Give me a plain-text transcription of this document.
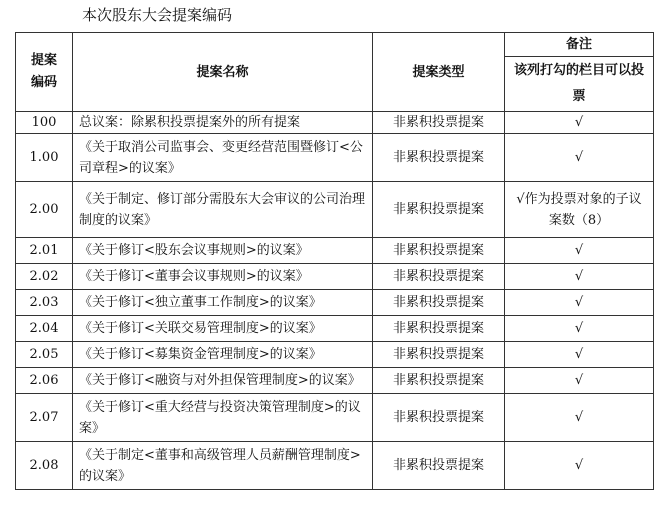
本次股东大会提案编码
提案
编码	提案名称	提案类型	备注
			该列打勾的栏目可以投票
100	总议案：除累积投票提案外的所有提案	非累积投票提案	√
1.00	《关于取消公司监事会、变更经营范围暨修订<公司章程>的议案》	非累积投票提案	√
2.00	《关于制定、修订部分需股东大会审议的公司治理制度的议案》	非累积投票提案	√作为投票对象的子议案数（8）
2.01	《关于修订<股东会议事规则>的议案》	非累积投票提案	√
2.02	《关于修订<董事会议事规则>的议案》	非累积投票提案	√
2.03	《关于修订<独立董事工作制度>的议案》	非累积投票提案	√
2.04	《关于修订<关联交易管理制度>的议案》	非累积投票提案	√
2.05	《关于修订<募集资金管理制度>的议案》	非累积投票提案	√
2.06	《关于修订<融资与对外担保管理制度>的议案》	非累积投票提案	√
2.07	《关于修订<重大经营与投资决策管理制度>的议案》	非累积投票提案	√
2.08	《关于制定<董事和高级管理人员薪酬管理制度>的议案》	非累积投票提案	√
